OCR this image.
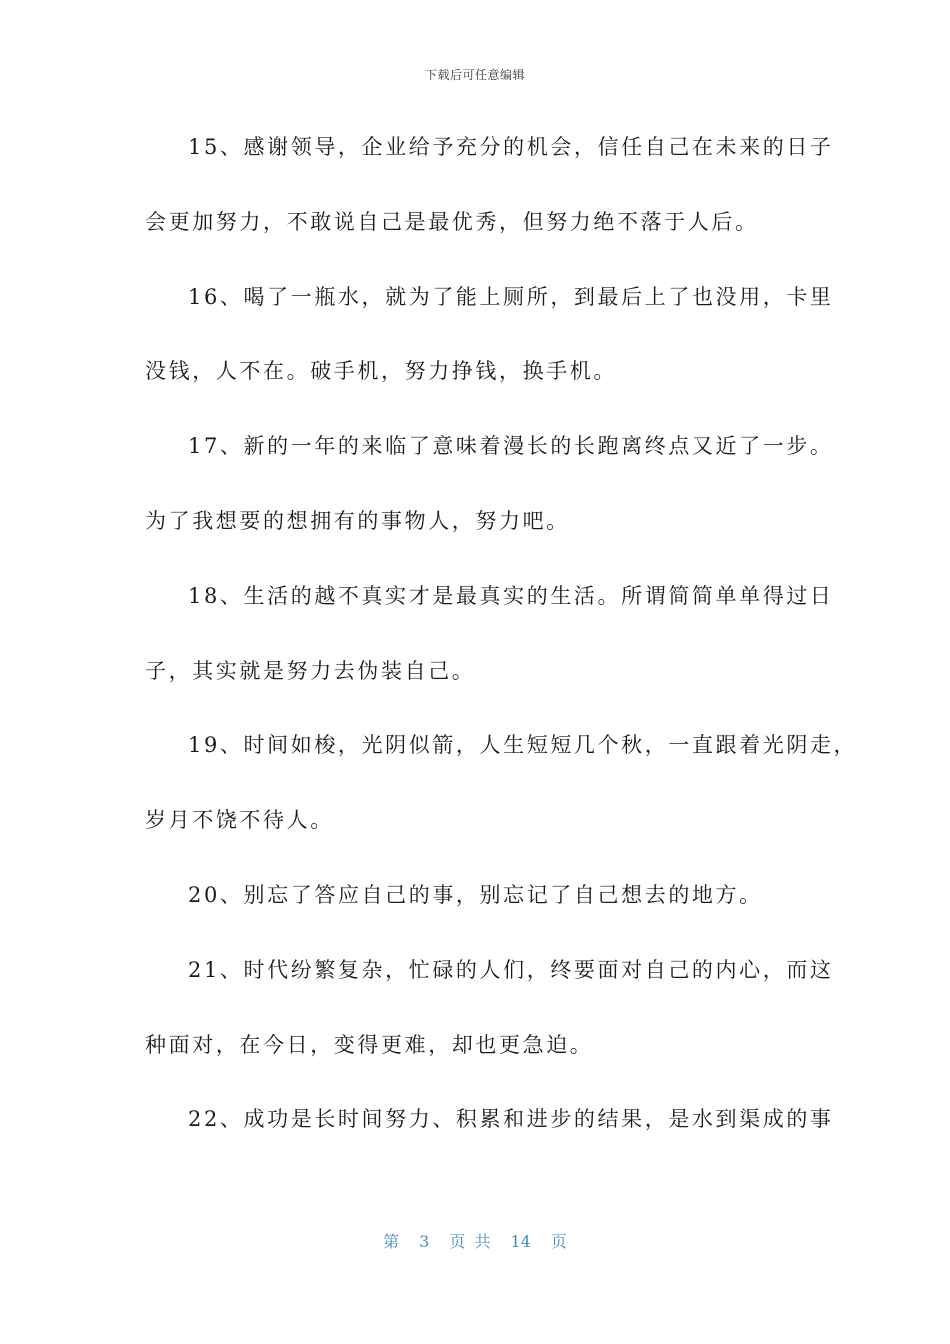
下载后可任意编辑
15、感谢领导，企业给予充分的机会，信任自己在未来的日子
会更加努力，不敢说自己是最优秀，但努力绝不落于人后。
16、喝了一瓶水，就为了能上厕所，到最后上了也没用，卡里
没钱，人不在。破手机，努力挣钱，换手机。
17、新的一年的来临了意味着漫长的长跑离终点又近了一步。
为了我想要的想拥有的事物人，努力吧。
18、生活的越不真实才是最真实的生活。所谓简简单单得过日
子，其实就是努力去伪装自己。
19、时间如梭，光阴似箭，人生短短几个秋，一直跟着光阴走，
岁月不饶不待人。
20、别忘了答应自己的事，别忘记了自己想去的地方。
21、时代纷繁复杂，忙碌的人们，终要面对自己的内心，而这
种面对，在今日，变得更难，却也更急迫。
22、成功是长时间努力、积累和进步的结果，是水到渠成的事
第 3 页 共 14 页
